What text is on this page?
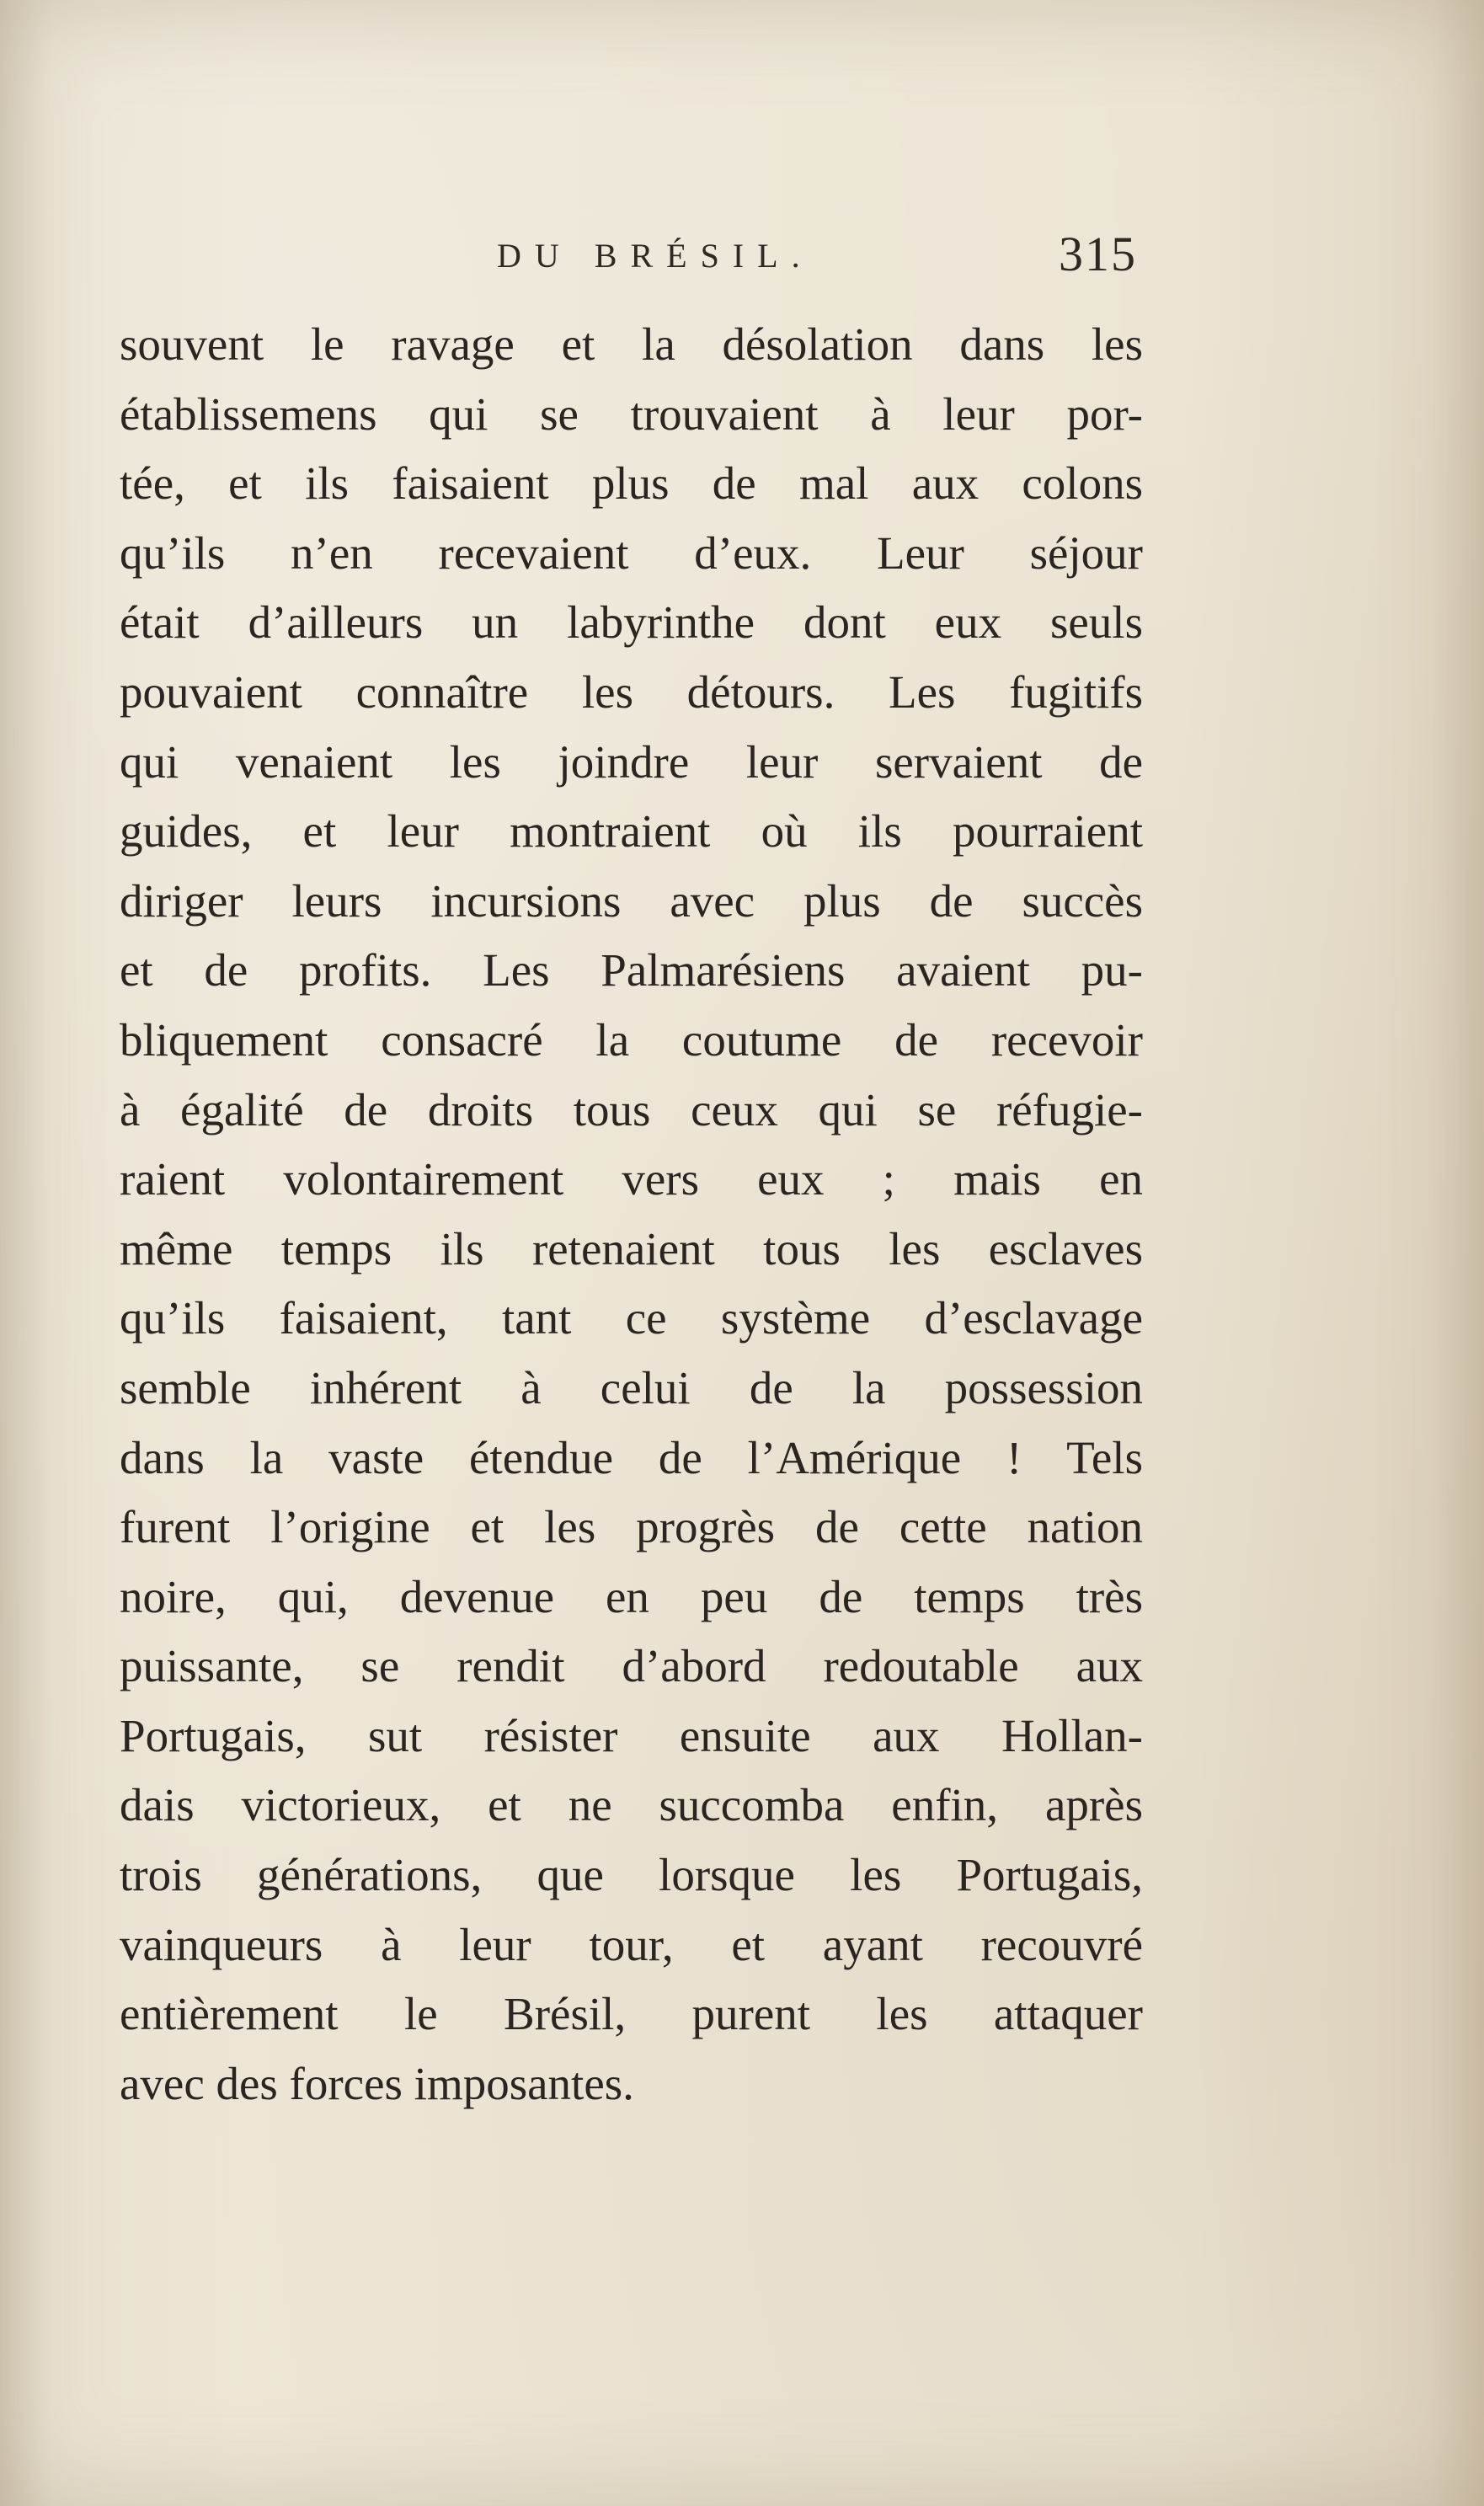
DU BRÉSIL.	315
souvent le ravage et la désolation dans les
établissemens qui se trouvaient à leur por-
tée, et ils faisaient plus de mal aux colons
qu’ils n’en recevaient d’eux. Leur séjour
était d’ailleurs un labyrinthe dont eux seuls
pouvaient connaître les détours. Les fugitifs
qui venaient les joindre leur servaient de
guides, et leur montraient où ils pourraient
diriger leurs incursions avec plus de succès
et de profits. Les Palmarésiens avaient pu-
bliquement consacré la coutume de recevoir
à égalité de droits tous ceux qui se réfugie-
raient volontairement vers eux ; mais en
même temps ils retenaient tous les esclaves
qu’ils faisaient, tant ce système d’esclavage
semble inhérent à celui de la possession
dans la vaste étendue de l’Amérique ! Tels
furent l’origine et les progrès de cette nation
noire, qui, devenue en peu de temps très
puissante, se rendit d’abord redoutable aux
Portugais, sut résister ensuite aux Hollan-
dais victorieux, et ne succomba enfin, après
trois générations, que lorsque les Portugais,
vainqueurs à leur tour, et ayant recouvré
entièrement le Brésil, purent les attaquer
avec des forces imposantes.
